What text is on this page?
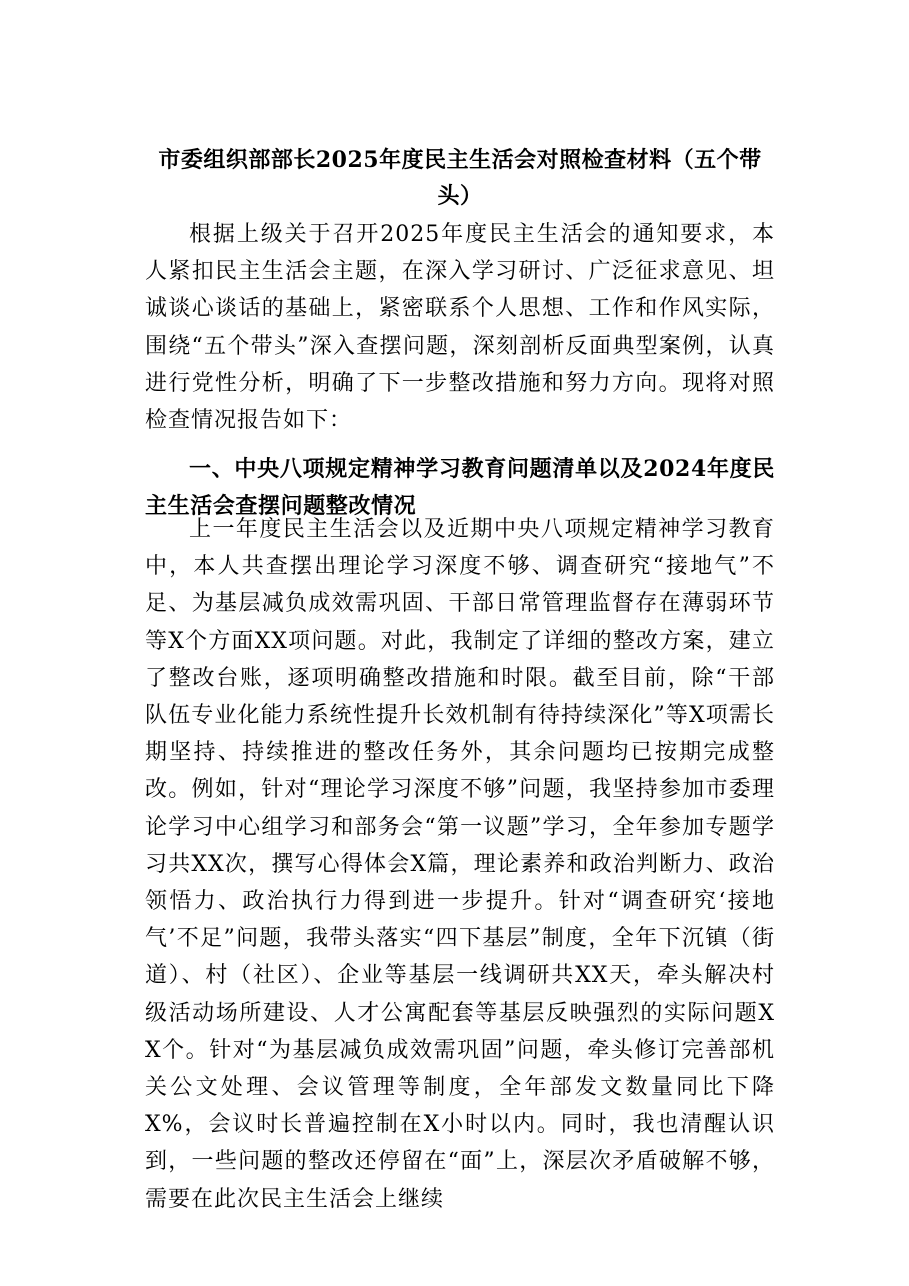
市委组织部部长2025年度民主生活会对照检查材料（五个带头）
根据上级关于召开2025年度民主生活会的通知要求，本人紧扣民主生活会主题，在深入学习研讨、广泛征求意见、坦诚谈心谈话的基础上，紧密联系个人思想、工作和作风实际，围绕“五个带头”深入查摆问题，深刻剖析反面典型案例，认真进行党性分析，明确了下一步整改措施和努力方向。现将对照检查情况报告如下：
一、中央八项规定精神学习教育问题清单以及2024年度民主生活会查摆问题整改情况
上一年度民主生活会以及近期中央八项规定精神学习教育中，本人共查摆出理论学习深度不够、调查研究“接地气”不足、为基层减负成效需巩固、干部日常管理监督存在薄弱环节等X个方面XX项问题。对此，我制定了详细的整改方案，建立了整改台账，逐项明确整改措施和时限。截至目前，除“干部队伍专业化能力系统性提升长效机制有待持续深化”等X项需长期坚持、持续推进的整改任务外，其余问题均已按期完成整改。例如，针对“理论学习深度不够”问题，我坚持参加市委理论学习中心组学习和部务会“第一议题”学习，全年参加专题学习共XX次，撰写心得体会X篇，理论素养和政治判断力、政治领悟力、政治执行力得到进一步提升。针对“调查研究‘接地气’不足”问题，我带头落实“四下基层”制度，全年下沉镇（街道）、村（社区）、企业等基层一线调研共XX天，牵头解决村级活动场所建设、人才公寓配套等基层反映强烈的实际问题XX个。针对“为基层减负成效需巩固”问题，牵头修订完善部机关公文处理、会议管理等制度，全年部发文数量同比下降X%，会议时长普遍控制在X小时以内。同时，我也清醒认识到，一些问题的整改还停留在“面”上，深层次矛盾破解不够，需要在此次民主生活会上继续
